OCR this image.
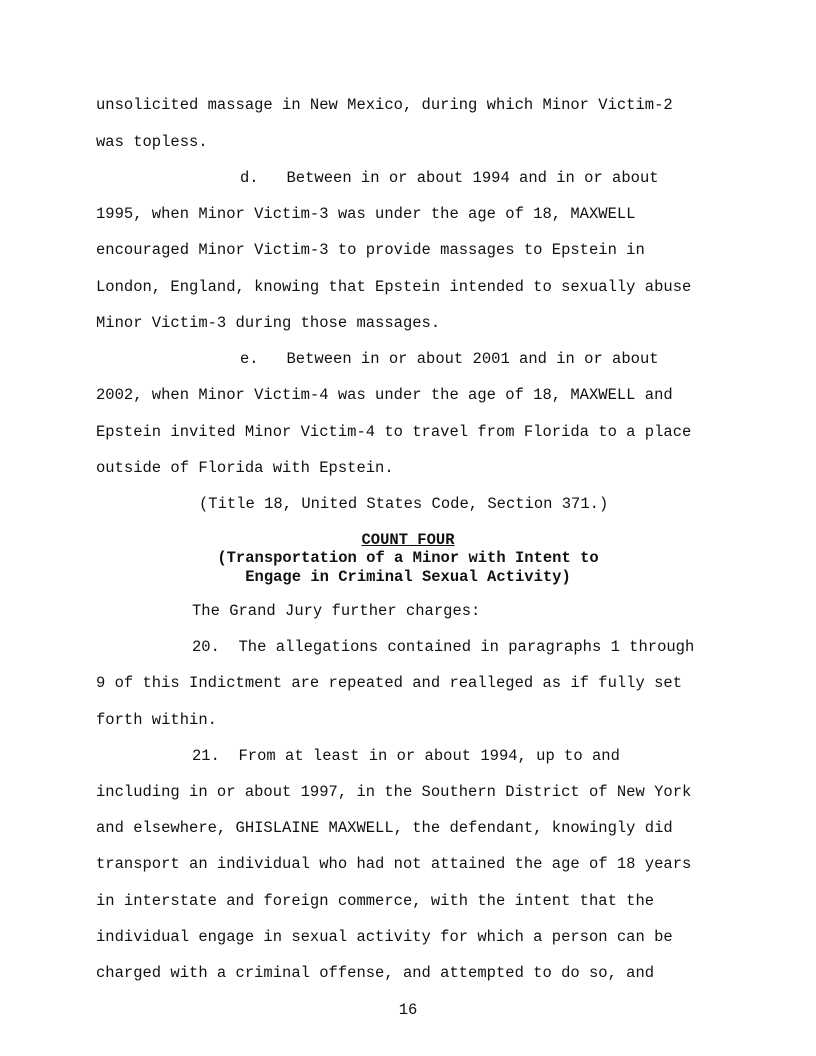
unsolicited massage in New Mexico, during which Minor Victim-2
was topless.
d.   Between in or about 1994 and in or about
1995, when Minor Victim-3 was under the age of 18, MAXWELL
encouraged Minor Victim-3 to provide massages to Epstein in
London, England, knowing that Epstein intended to sexually abuse
Minor Victim-3 during those massages.
e.   Between in or about 2001 and in or about
2002, when Minor Victim-4 was under the age of 18, MAXWELL and
Epstein invited Minor Victim-4 to travel from Florida to a place
outside of Florida with Epstein.
(Title 18, United States Code, Section 371.)
COUNT FOUR
(Transportation of a Minor with Intent to
Engage in Criminal Sexual Activity)
The Grand Jury further charges:
20.  The allegations contained in paragraphs 1 through
9 of this Indictment are repeated and realleged as if fully set
forth within.
21.  From at least in or about 1994, up to and
including in or about 1997, in the Southern District of New York
and elsewhere, GHISLAINE MAXWELL, the defendant, knowingly did
transport an individual who had not attained the age of 18 years
in interstate and foreign commerce, with the intent that the
individual engage in sexual activity for which a person can be
charged with a criminal offense, and attempted to do so, and
16
